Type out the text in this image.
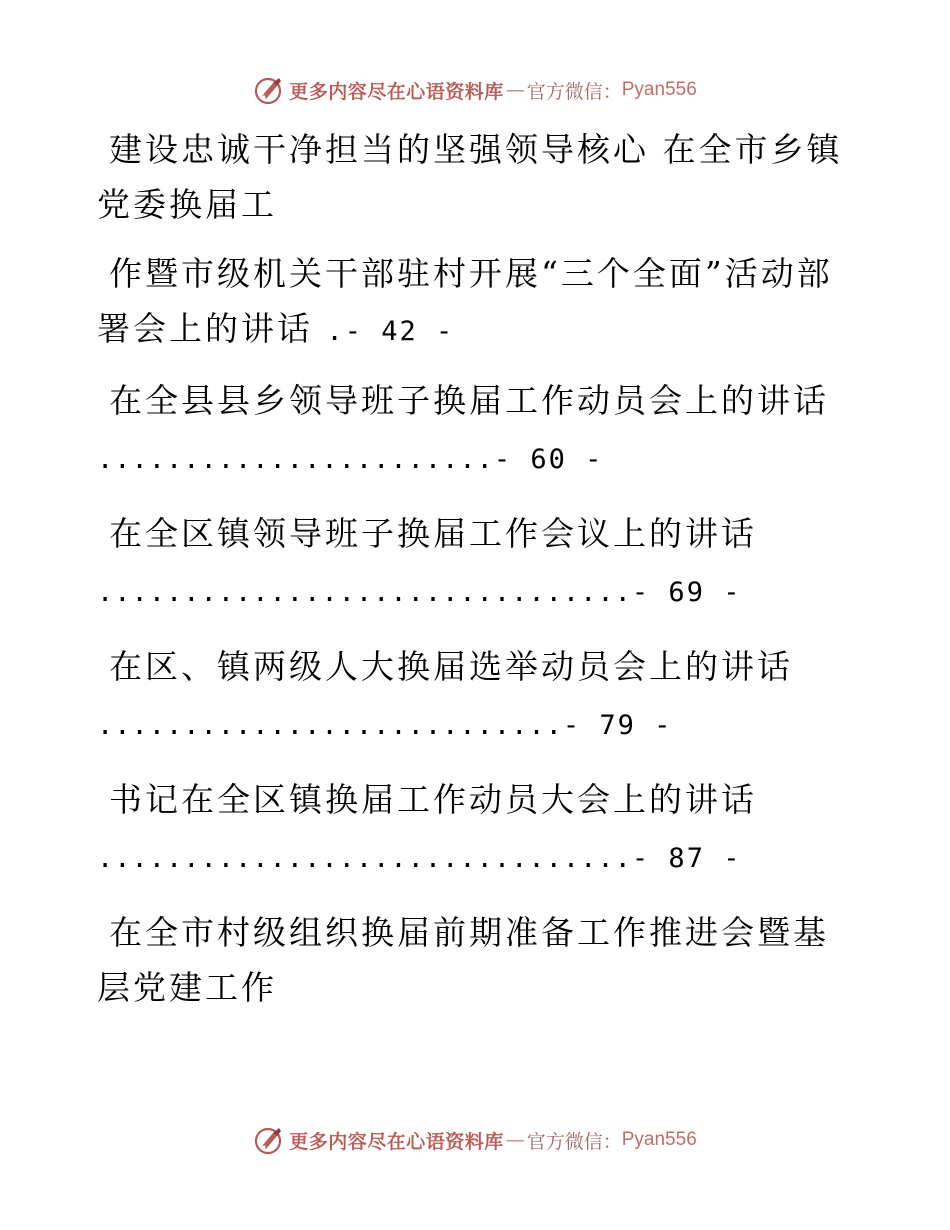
更多内容尽在心语资料库 — 官方微信： Pyan556
建设忠诚干净担当的坚强领导核心 在全市乡镇党委换届工
作暨市级机关干部驻村开展“三个全面”活动部署会上的讲话 .- 42 -
在全县县乡领导班子换届工作动员会上的讲话
.......................- 60 -
在全区镇领导班子换届工作会议上的讲话
...............................- 69 -
在区、镇两级人大换届选举动员会上的讲话
...........................- 79 -
书记在全区镇换届工作动员大会上的讲话
...............................- 87 -
在全市村级组织换届前期准备工作推进会暨基层党建工作
更多内容尽在心语资料库 — 官方微信： Pyan556
